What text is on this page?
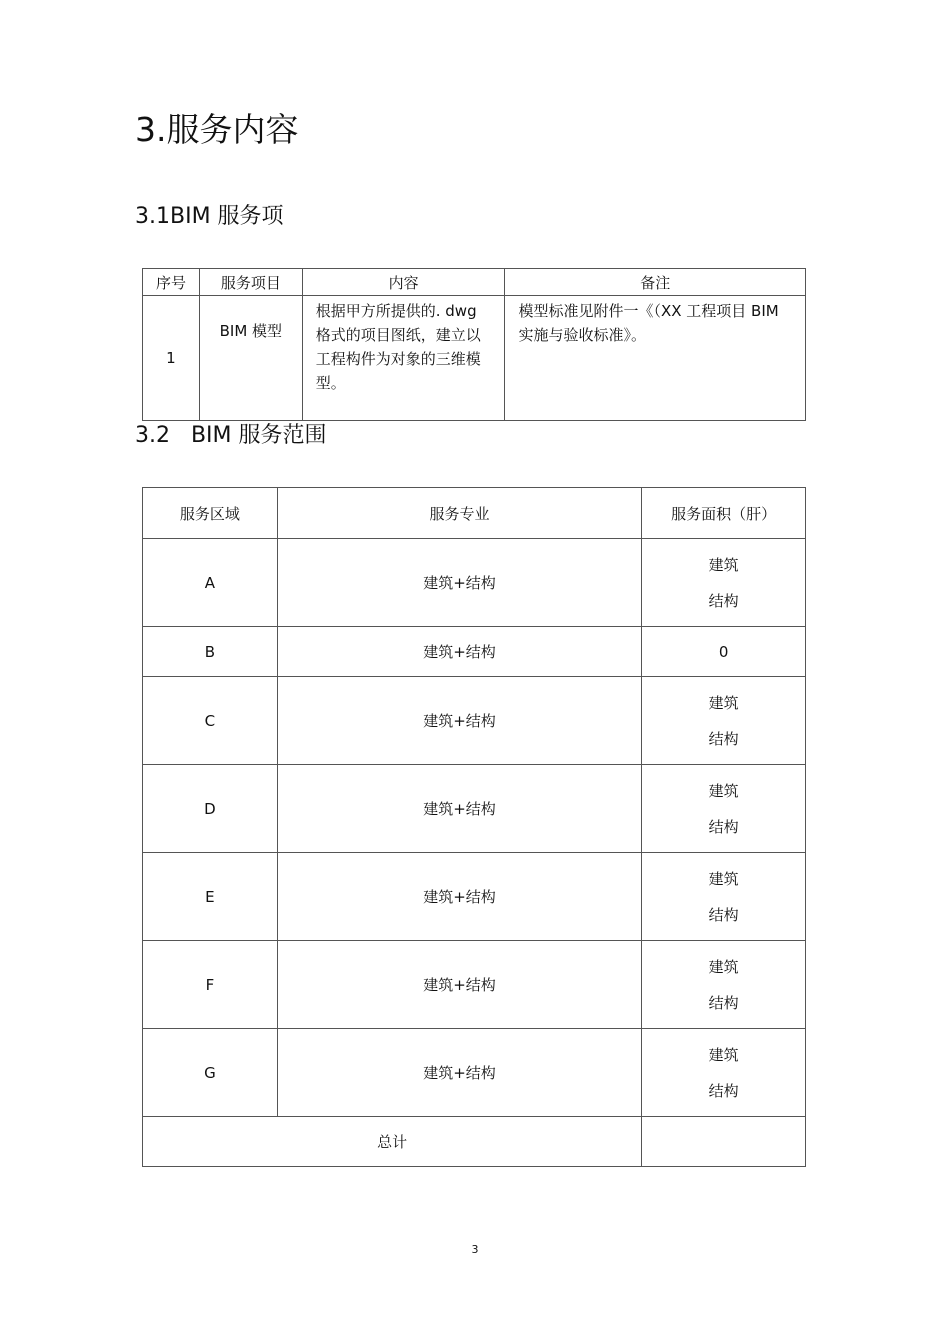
3.服务内容
3.1BIM 服务项
序号	服务项目	内容	备注
1	BIM 模型	根据甲方所提供的. dwg 格式的项目图纸，建立以工程构件为对象的三维模型。	模型标准见附件一《（XX 工程项目 BIM 实施与验收标准》。
3.2   BIM 服务范围
服务区域	服务专业	服务面积（肝）
A	建筑+结构	建筑
结构

B	建筑+结构	0

C	建筑+结构	建筑
结构

D	建筑+结构	建筑
结构

E	建筑+结构	建筑
结构

F	建筑+结构	建筑
结构

G	建筑+结构	建筑
结构

总计		
3
